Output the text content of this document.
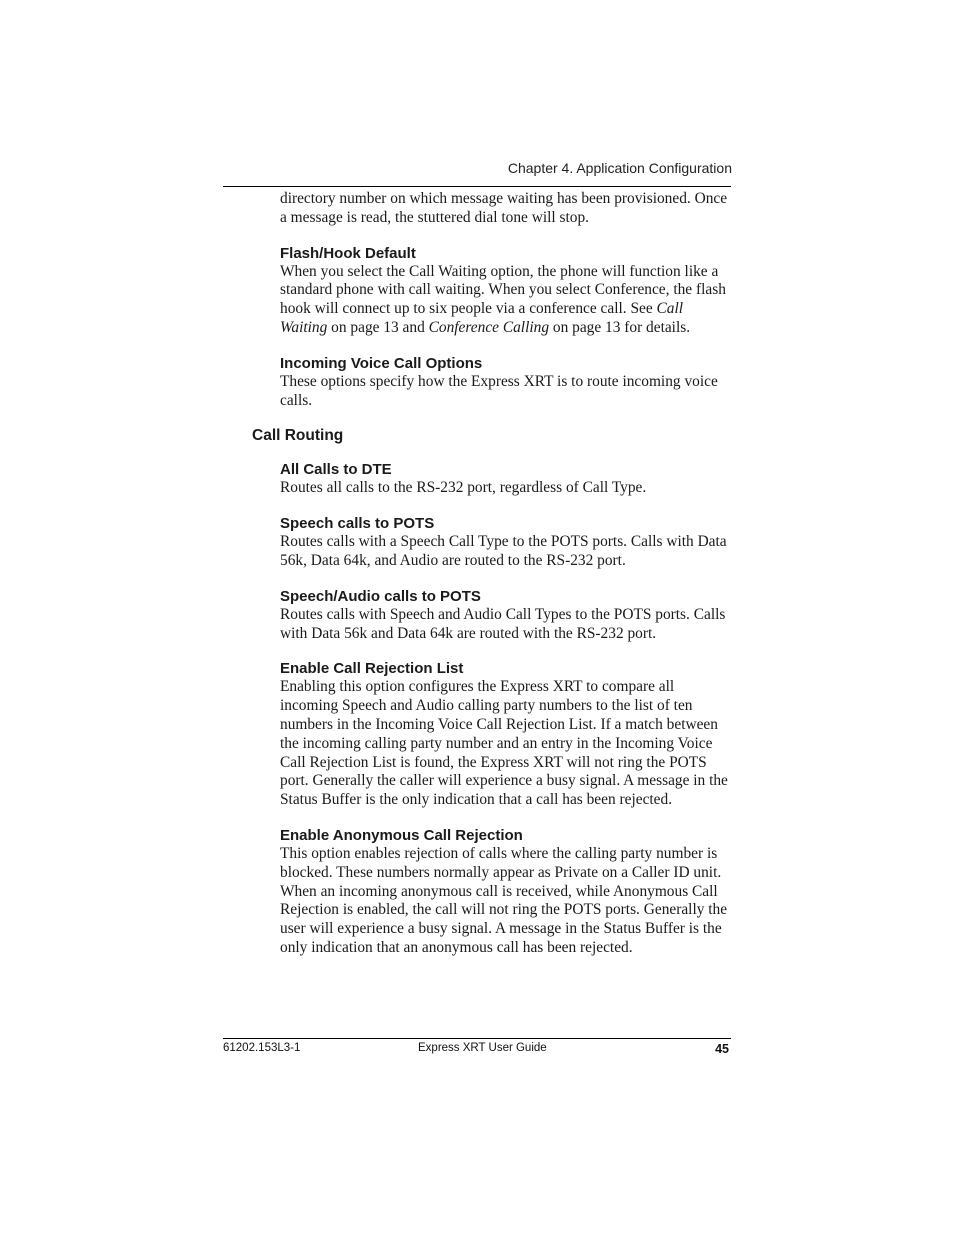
Chapter 4. Application Configuration

directory number on which message waiting has been provisioned. Once a message is read, the stuttered dial tone will stop.

Flash/Hook Default

When you select the Call Waiting option, the phone will function like a standard phone with call waiting. When you select Conference, the flash hook will connect up to six people via a conference call. See Call Waiting on page 13 and Conference Calling on page 13 for details.

Incoming Voice Call Options

These options specify how the Express XRT is to route incoming voice calls.

Call Routing

All Calls to DTE

Routes all calls to the RS-232 port, regardless of Call Type.

Speech calls to POTS

Routes calls with a Speech Call Type to the POTS ports. Calls with Data 56k, Data 64k, and Audio are routed to the RS-232 port.

Speech/Audio calls to POTS

Routes calls with Speech and Audio Call Types to the POTS ports. Calls with Data 56k and Data 64k are routed with the RS-232 port.

Enable Call Rejection List

Enabling this option configures the Express XRT to compare all incoming Speech and Audio calling party numbers to the list of ten numbers in the Incoming Voice Call Rejection List. If a match between the incoming calling party number and an entry in the Incoming Voice Call Rejection List is found, the Express XRT will not ring the POTS port. Generally the caller will experience a busy signal. A message in the Status Buffer is the only indication that a call has been rejected.

Enable Anonymous Call Rejection

This option enables rejection of calls where the calling party number is blocked. These numbers normally appear as Private on a Caller ID unit. When an incoming anonymous call is received, while Anonymous Call Rejection is enabled, the call will not ring the POTS ports. Generally the user will experience a busy signal. A message in the Status Buffer is the only indication that an anonymous call has been rejected.

61202.153L3-1	Express XRT User Guide	45
